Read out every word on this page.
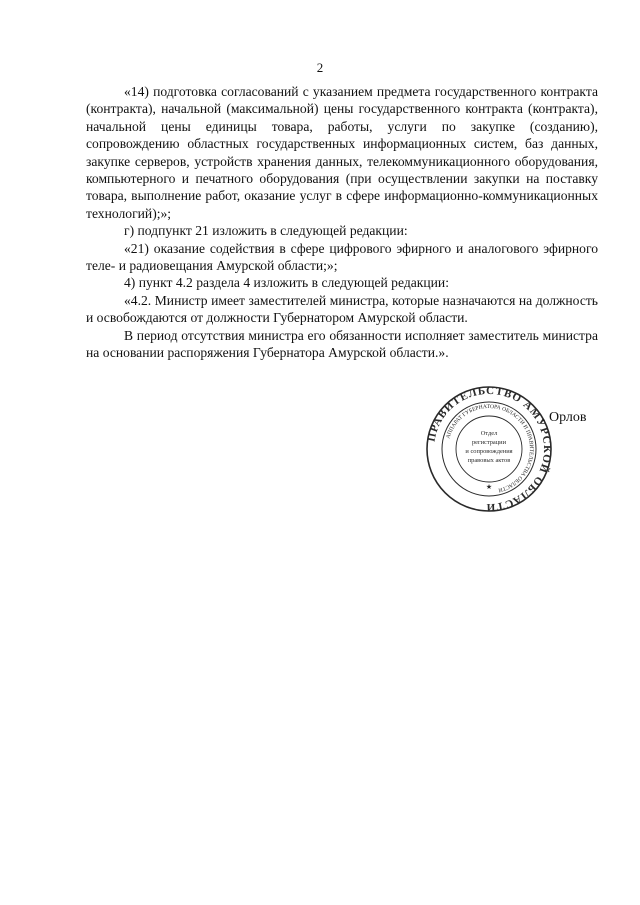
2

«14) подготовка согласований с указанием предмета государственного контракта (контракта), начальной (максимальной) цены государственного контракта (контракта), начальной цены единицы товара, работы, услуги по закупке (созданию), сопровождению областных государственных информационных систем, баз данных, закупке серверов, устройств хранения данных, телекоммуникационного оборудования, компьютерного и печатного оборудования (при осуществлении закупки на поставку товара, выполнение работ, оказание услуг в сфере информационно-коммуникационных технологий);»;

г) подпункт 21 изложить в следующей редакции:

«21) оказание содействия в сфере цифрового эфирного и аналогового эфирного теле- и радиовещания Амурской области;»;

4) пункт 4.2 раздела 4 изложить в следующей редакции:

«4.2. Министр имеет заместителей министра, которые назначаются на должность и освобождаются от должности Губернатором Амурской области.

В период отсутствия министра его обязанности исполняет заместитель министра на основании распоряжения Губернатора Амурской области.».

ПРАВИТЕЛЬСТВО АМУРСКОЙ ОБЛАСТИ
АППАРАТ ГУБЕРНАТОРА ОБЛАСТИ И ПРАВИТЕЛЬСТВА ОБЛАСТИ
Отдел
регистрации
и сопровождения
правовых актов
★
. Орлов
